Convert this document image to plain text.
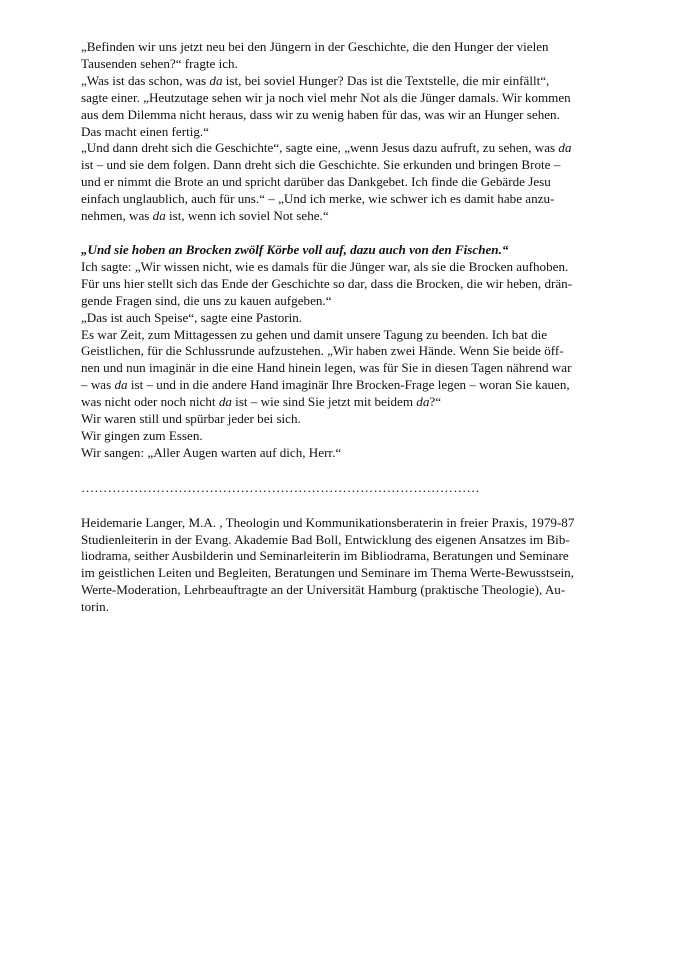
„Befinden wir uns jetzt neu bei den Jüngern in der Geschichte, die den Hunger der vielen
Tausenden sehen?“ fragte ich.
„Was ist das schon, was da ist, bei soviel Hunger? Das ist die Textstelle, die mir einfällt“,
sagte einer. „Heutzutage sehen wir ja noch viel mehr Not als die Jünger damals. Wir kommen
aus dem Dilemma nicht heraus, dass wir zu wenig haben für das, was wir an Hunger sehen.
Das macht einen fertig.“
„Und dann dreht sich die Geschichte“, sagte eine, „wenn Jesus dazu aufruft, zu sehen, was da
ist – und sie dem folgen. Dann dreht sich die Geschichte. Sie erkunden und bringen Brote –
und er nimmt die Brote an und spricht darüber das Dankgebet. Ich finde die Gebärde Jesu
einfach unglaublich, auch für uns.“ – „Und ich merke, wie schwer ich es damit habe anzu-
nehmen, was da ist, wenn ich soviel Not sehe.“
„Und sie hoben an Brocken zwölf Körbe voll auf, dazu auch von den Fischen.“
Ich sagte: „Wir wissen nicht, wie es damals für die Jünger war, als sie die Brocken aufhoben.
Für uns hier stellt sich das Ende der Geschichte so dar, dass die Brocken, die wir heben, drän-
gende Fragen sind, die uns zu kauen aufgeben.“
„Das ist auch Speise“, sagte eine Pastorin.
Es war Zeit, zum Mittagessen zu gehen und damit unsere Tagung zu beenden. Ich bat die
Geistlichen, für die Schlussrunde aufzustehen. „Wir haben zwei Hände. Wenn Sie beide öff-
nen und nun imaginär in die eine Hand hinein legen, was für Sie in diesen Tagen nährend war
– was da ist – und in die andere Hand imaginär Ihre Brocken-Frage legen – woran Sie kauen,
was nicht oder noch nicht da ist – wie sind Sie jetzt mit beidem da?“
Wir waren still und spürbar jeder bei sich.
Wir gingen zum Essen.
Wir sangen: „Aller Augen warten auf dich, Herr.“
………………………………………………………………………………
Heidemarie Langer, M.A. , Theologin und Kommunikationsberaterin in freier Praxis, 1979-87
Studienleiterin in der Evang. Akademie Bad Boll, Entwicklung des eigenen Ansatzes im Bib-
liodrama, seither Ausbilderin und Seminarleiterin im Bibliodrama, Beratungen und Seminare
im geistlichen Leiten und Begleiten, Beratungen und Seminare im Thema Werte-Bewusstsein,
Werte-Moderation, Lehrbeauftragte an der Universität Hamburg (praktische Theologie), Au-
torin.
